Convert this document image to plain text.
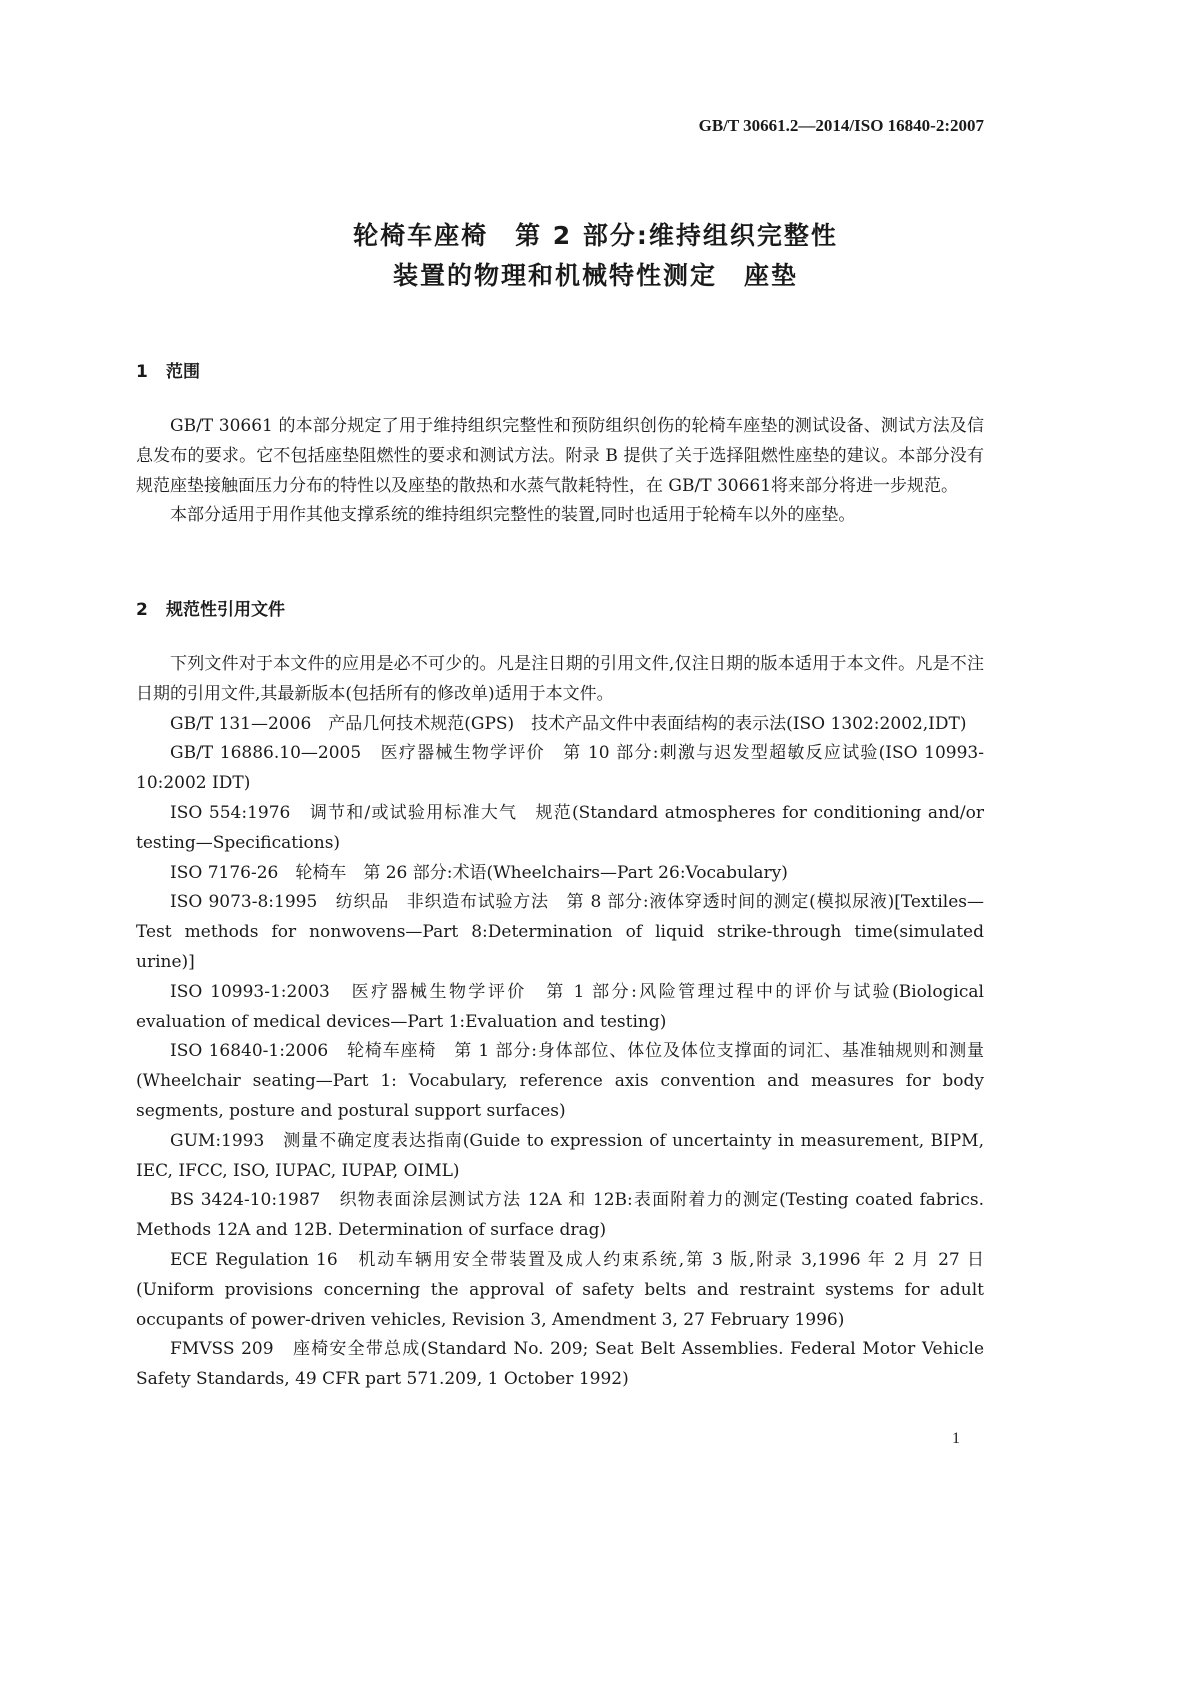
GB/T 30661.2—2014/ISO 16840-2:2007
轮椅车座椅　第 2 部分:维持组织完整性
装置的物理和机械特性测定　座垫
1 范围

GB/T 30661 的本部分规定了用于维持组织完整性和预防组织创伤的轮椅车座垫的测试设备、测试方法及信息发布的要求。它不包括座垫阻燃性的要求和测试方法。附录 B 提供了关于选择阻燃性座垫的建议。本部分没有规范座垫接触面压力分布的特性以及座垫的散热和水蒸气散耗特性，在 GB/T 30661将来部分将进一步规范。

本部分适用于用作其他支撑系统的维持组织完整性的装置,同时也适用于轮椅车以外的座垫。

2 规范性引用文件

下列文件对于本文件的应用是必不可少的。凡是注日期的引用文件,仅注日期的版本适用于本文件。凡是不注日期的引用文件,其最新版本(包括所有的修改单)适用于本文件。

GB/T 131—2006　产品几何技术规范(GPS)　技术产品文件中表面结构的表示法(ISO 1302:2002,IDT)

GB/T 16886.10—2005　医疗器械生物学评价　第 10 部分:刺激与迟发型超敏反应试验(ISO 10993-10:2002 IDT)

ISO 554:1976　调节和/或试验用标准大气　规范(Standard atmospheres for conditioning and/or testing—Specifications)

ISO 7176-26　轮椅车　第 26 部分:术语(Wheelchairs—Part 26:Vocabulary)

ISO 9073-8:1995　纺织品　非织造布试验方法　第 8 部分:液体穿透时间的测定(模拟尿液)[Textiles—Test methods for nonwovens—Part 8:Determination of liquid strike-through time(simulated urine)]

ISO 10993-1:2003　医疗器械生物学评价　第 1 部分:风险管理过程中的评价与试验(Biological evaluation of medical devices—Part 1:Evaluation and testing)

ISO 16840-1:2006　轮椅车座椅　第 1 部分:身体部位、体位及体位支撑面的词汇、基准轴规则和测量(Wheelchair seating—Part 1: Vocabulary, reference axis convention and measures for body segments, posture and postural support surfaces)

GUM:1993　测量不确定度表达指南(Guide to expression of uncertainty in measurement, BIPM, IEC, IFCC, ISO, IUPAC, IUPAP, OIML)

BS 3424-10:1987　织物表面涂层测试方法 12A 和 12B:表面附着力的测定(Testing coated fabrics. Methods 12A and 12B. Determination of surface drag)

ECE Regulation 16　机动车辆用安全带装置及成人约束系统,第 3 版,附录 3,1996 年 2 月 27 日(Uniform provisions concerning the approval of safety belts and restraint systems for adult occupants of power-driven vehicles, Revision 3, Amendment 3, 27 February 1996)

FMVSS 209　座椅安全带总成(Standard No. 209; Seat Belt Assemblies. Federal Motor Vehicle Safety Standards, 49 CFR part 571.209, 1 October 1992)

1
